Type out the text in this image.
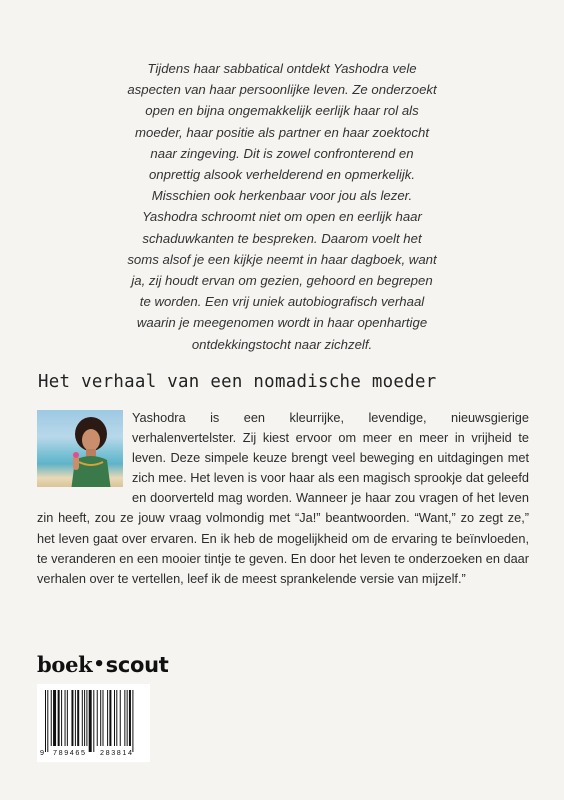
Tijdens haar sabbatical ontdekt Yashodra vele aspecten van haar persoonlijke leven. Ze onderzoekt open en bijna ongemakkelijk eerlijk haar rol als moeder, haar positie als partner en haar zoektocht naar zingeving. Dit is zowel confronterend en onprettig alsook verhelderend en opmerkelijk. Misschien ook herkenbaar voor jou als lezer. Yashodra schroomt niet om open en eerlijk haar schaduwkanten te bespreken. Daarom voelt het soms alsof je een kijkje neemt in haar dagboek, want ja, zij houdt ervan om gezien, gehoord en begrepen te worden. Een vrij uniek autobiografisch verhaal waarin je meegenomen wordt in haar openhartige ontdekkingstocht naar zichzelf.

Het verhaal van een nomadische moeder

Yashodra is een kleurrijke, levendige, nieuwsgierige verhalenvertelster. Zij kiest ervoor om meer en meer in vrijheid te leven. Deze simpele keuze brengt veel beweging en uitdagingen met zich mee. Het leven is voor haar als een magisch sprookje dat geleefd en doorverteld mag worden. Wanneer je haar zou vragen of het leven zin heeft, zou ze jouw vraag volmondig met “Ja!” beantwoorden. “Want,” zo zegt ze,” het leven gaat over ervaren. En ik heb de mogelijkheid om de ervaring te beïnvloeden, te veranderen en een mooier tintje te geven. En door het leven te onderzoeken en daar verhalen over te vertellen, leef ik de meest sprankelende versie van mijzelf.”

boek•scout
9 789465 283814
